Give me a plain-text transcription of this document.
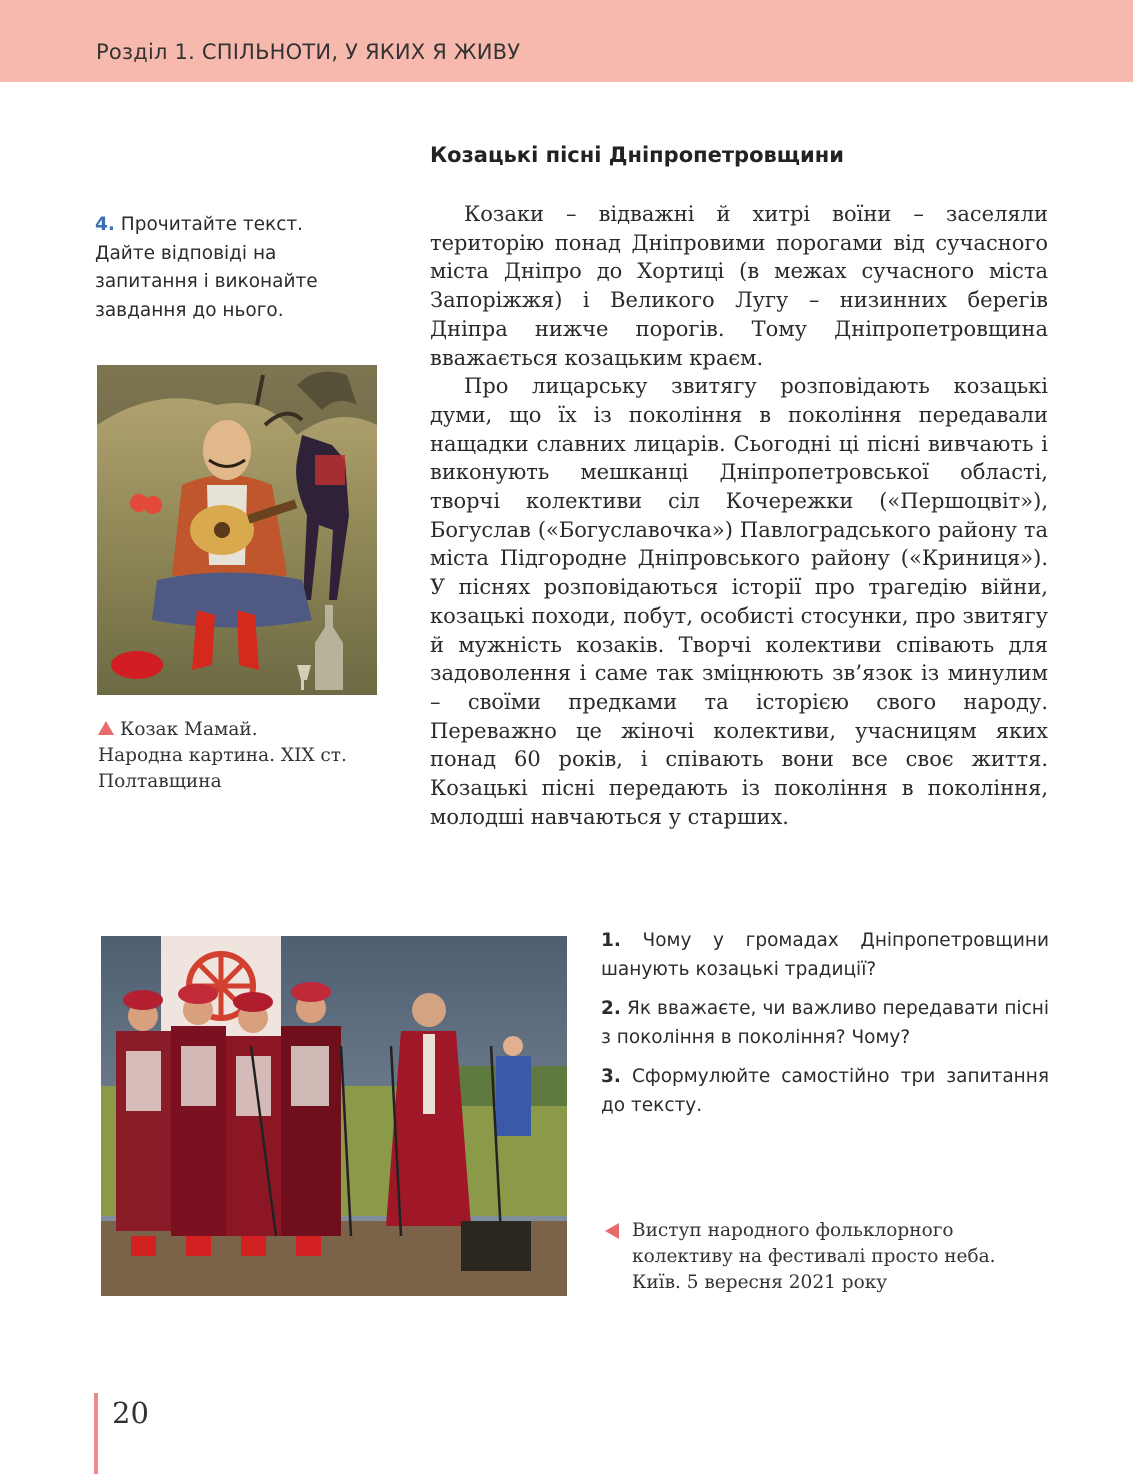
Розділ 1. СПІЛЬНОТИ, У ЯКИХ Я ЖИВУ
4. Прочитайте текст. Дайте відповіді на запитання і виконайте завдання до нього.
Козак Мамай.
Народна картина. XIX ст.
Полтавщина
Козацькі пісні Дніпропетровщини

Козаки – відважні й хитрі воїни – заселяли територію понад Дніпровими порогами від сучасного міста Дніпро до Хортиці (в межах сучасного міста Запоріжжя) і Великого Лугу – низинних берегів Дніпра нижче порогів. Тому Дніпропетровщина вважається козацьким краєм.

Про лицарську звитягу розповідають козацькі думи, що їх із покоління в покоління передавали нащадки славних лицарів. Сьогодні ці пісні вивчають і виконують мешканці Дніпропетровської області, творчі колективи сіл Кочережки («Першоцвіт»), Богуслав («Богуславочка») Павлоградського району та міста Підгородне Дніпровського району («Криниця»). У піснях розповідаються історії про трагедію війни, козацькі походи, побут, особисті стосунки, про звитягу й мужність козаків. Творчі колективи співають для задоволення і саме так зміцнюють зв’язок із минулим – своїми предками та історією свого народу. Переважно це жіночі колективи, учасницям яких понад 60 років, і співають вони все своє життя. Козацькі пісні передають із покоління в покоління, молодші навчаються у старших.

1. Чому у громадах Дніпропетровщини шанують козацькі традиції?

2. Як вважаєте, чи важливо передавати пісні з покоління в покоління? Чому?

3. Сформулюйте самостійно три запитання до тексту.

Виступ народного фольклорного
колективу на фестивалі просто неба.
Київ. 5 вересня 2021 року
20
